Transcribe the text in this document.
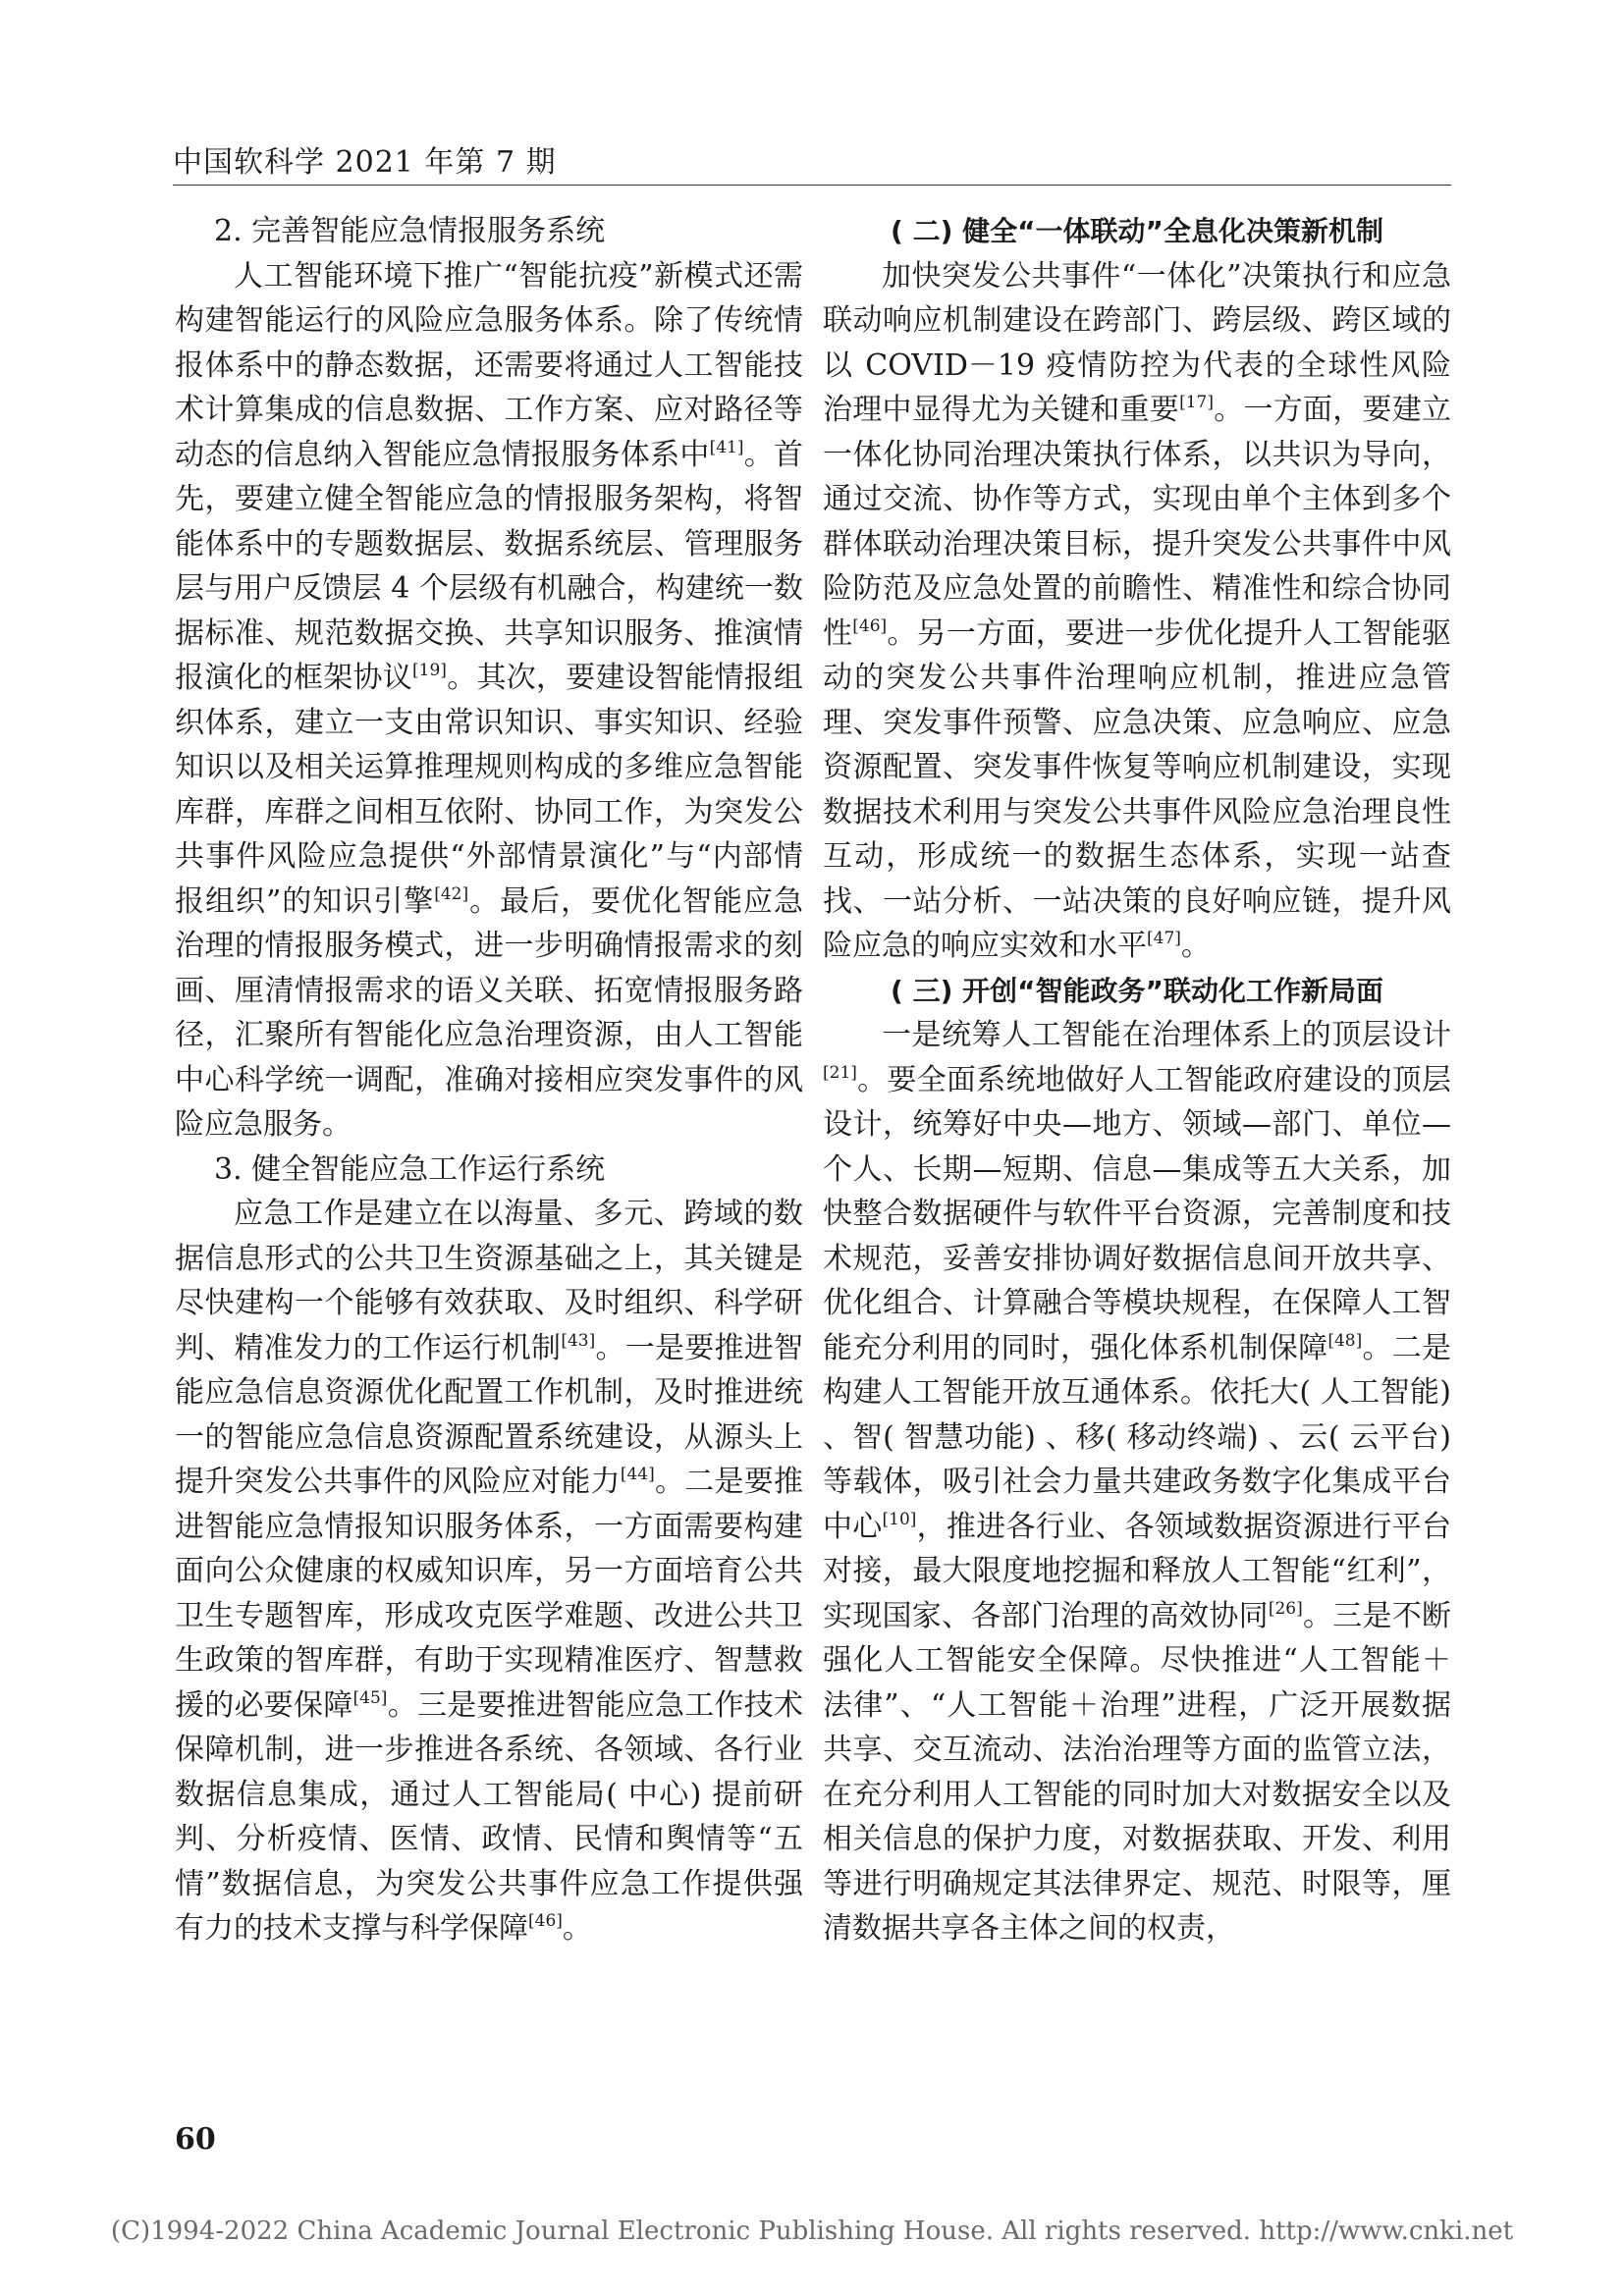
中国软科学 2021 年第 7 期
2. 完善智能应急情报服务系统

人工智能环境下推广“智能抗疫”新模式还需构建智能运行的风险应急服务体系。除了传统情报体系中的静态数据，还需要将通过人工智能技术计算集成的信息数据、工作方案、应对路径等动态的信息纳入智能应急情报服务体系中[41]。首先，要建立健全智能应急的情报服务架构，将智能体系中的专题数据层、数据系统层、管理服务层与用户反馈层 4 个层级有机融合，构建统一数据标准、规范数据交换、共享知识服务、推演情报演化的框架协议[19]。其次，要建设智能情报组织体系，建立一支由常识知识、事实知识、经验知识以及相关运算推理规则构成的多维应急智能库群，库群之间相互依附、协同工作，为突发公共事件风险应急提供“外部情景演化”与“内部情报组织”的知识引擎[42]。最后，要优化智能应急治理的情报服务模式，进一步明确情报需求的刻画、厘清情报需求的语义关联、拓宽情报服务路径，汇聚所有智能化应急治理资源，由人工智能中心科学统一调配，准确对接相应突发事件的风险应急服务。

3. 健全智能应急工作运行系统

应急工作是建立在以海量、多元、跨域的数据信息形式的公共卫生资源基础之上，其关键是尽快建构一个能够有效获取、及时组织、科学研判、精准发力的工作运行机制[43]。一是要推进智能应急信息资源优化配置工作机制，及时推进统一的智能应急信息资源配置系统建设，从源头上提升突发公共事件的风险应对能力[44]。二是要推进智能应急情报知识服务体系，一方面需要构建面向公众健康的权威知识库，另一方面培育公共卫生专题智库，形成攻克医学难题、改进公共卫生政策的智库群，有助于实现精准医疗、智慧救援的必要保障[45]。三是要推进智能应急工作技术保障机制，进一步推进各系统、各领域、各行业数据信息集成，通过人工智能局( 中心) 提前研判、分析疫情、医情、政情、民情和舆情等“五情”数据信息，为突发公共事件应急工作提供强有力的技术支撑与科学保障[46]。

( 二) 健全“一体联动”全息化决策新机制

加快突发公共事件“一体化”决策执行和应急联动响应机制建设在跨部门、跨层级、跨区域的以 COVID－19 疫情防控为代表的全球性风险治理中显得尤为关键和重要[17]。一方面，要建立一体化协同治理决策执行体系，以共识为导向，通过交流、协作等方式，实现由单个主体到多个群体联动治理决策目标，提升突发公共事件中风险防范及应急处置的前瞻性、精准性和综合协同性[46]。另一方面，要进一步优化提升人工智能驱动的突发公共事件治理响应机制，推进应急管理、突发事件预警、应急决策、应急响应、应急资源配置、突发事件恢复等响应机制建设，实现数据技术利用与突发公共事件风险应急治理良性互动，形成统一的数据生态体系，实现一站查找、一站分析、一站决策的良好响应链，提升风险应急的响应实效和水平[47]。

( 三) 开创“智能政务”联动化工作新局面

一是统筹人工智能在治理体系上的顶层设计[21]。要全面系统地做好人工智能政府建设的顶层设计，统筹好中央—地方、领域—部门、单位—个人、长期—短期、信息—集成等五大关系，加快整合数据硬件与软件平台资源，完善制度和技术规范，妥善安排协调好数据信息间开放共享、优化组合、计算融合等模块规程，在保障人工智能充分利用的同时，强化体系机制保障[48]。二是构建人工智能开放互通体系。依托大( 人工智能) 、智( 智慧功能) 、移( 移动终端) 、云( 云平台) 等载体，吸引社会力量共建政务数字化集成平台中心[10]，推进各行业、各领域数据资源进行平台对接，最大限度地挖掘和释放人工智能“红利”，实现国家、各部门治理的高效协同[26]。三是不断强化人工智能安全保障。尽快推进“人工智能＋法律”、“人工智能＋治理”进程，广泛开展数据共享、交互流动、法治治理等方面的监管立法，在充分利用人工智能的同时加大对数据安全以及相关信息的保护力度，对数据获取、开发、利用等进行明确规定其法律界定、规范、时限等，厘清数据共享各主体之间的权责，

60
(C)1994-2022 China Academic Journal Electronic Publishing House. All rights reserved. http://www.cnki.net
